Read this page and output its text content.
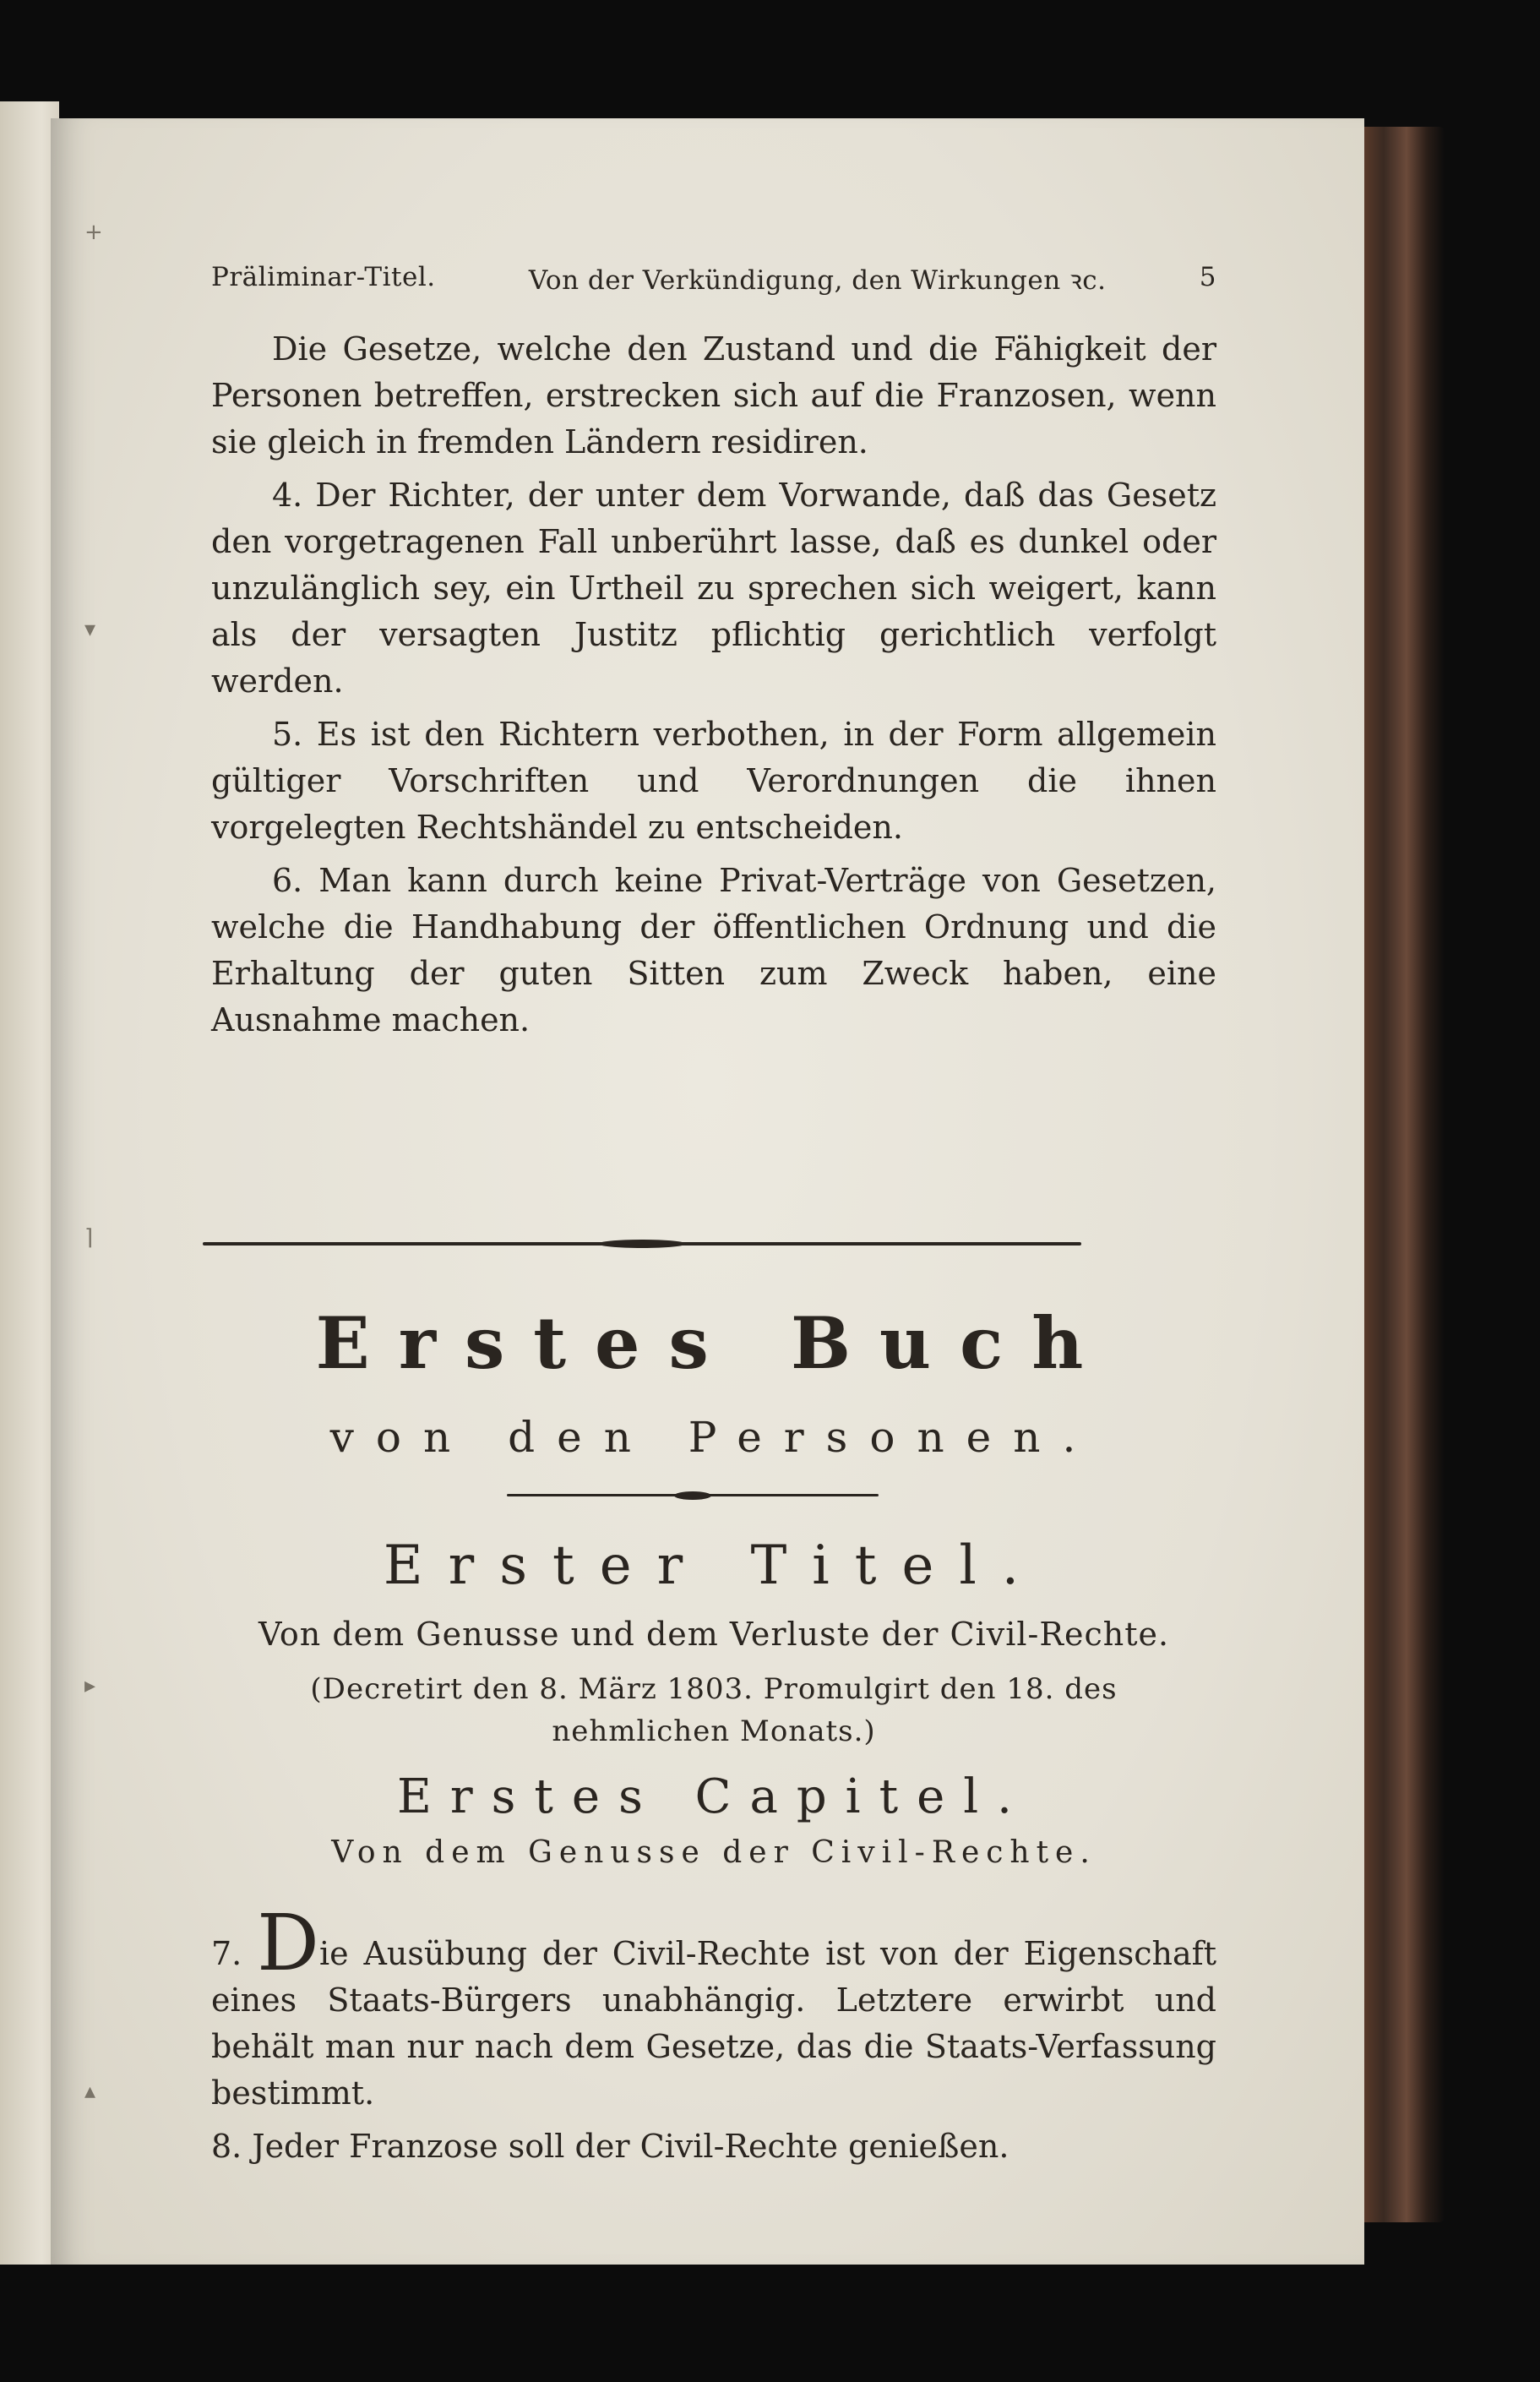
+
▾
⌉
▸
▴
Präliminar-Titel.	Von der Verkündigung, den Wirkungen ꝛc.	5

Die Gesetze, welche den Zustand und die Fähigkeit der Personen betreffen, erstrecken sich auf die Franzosen, wenn sie gleich in fremden Ländern residiren.

4. Der Richter, der unter dem Vorwande, daß das Gesetz den vorgetragenen Fall unberührt lasse, daß es dunkel oder unzulänglich sey, ein Urtheil zu sprechen sich weigert, kann als der versagten Justitz pflichtig gerichtlich verfolgt werden.

5. Es ist den Richtern verbothen, in der Form allgemein gültiger Vorschriften und Verordnungen die ihnen vorgelegten Rechtshändel zu entscheiden.

6. Man kann durch keine Privat-Verträge von Gesetzen, welche die Handhabung der öffentlichen Ordnung und die Erhaltung der guten Sitten zum Zweck haben, eine Ausnahme machen.

Erstes Buch
von den Personen.
Erster Titel.
Von dem Genusse und dem Verluste der Civil-Rechte.
(Decretirt den 8. März 1803. Promulgirt den 18. des nehmlichen Monats.)
Erstes Capitel.
Von dem Genusse der Civil-Rechte.

7. Die Ausübung der Civil-Rechte ist von der Eigenschaft eines Staats-Bürgers unabhängig. Letztere erwirbt und behält man nur nach dem Gesetze, das die Staats-Verfassung bestimmt.

8. Jeder Franzose soll der Civil-Rechte genießen.
